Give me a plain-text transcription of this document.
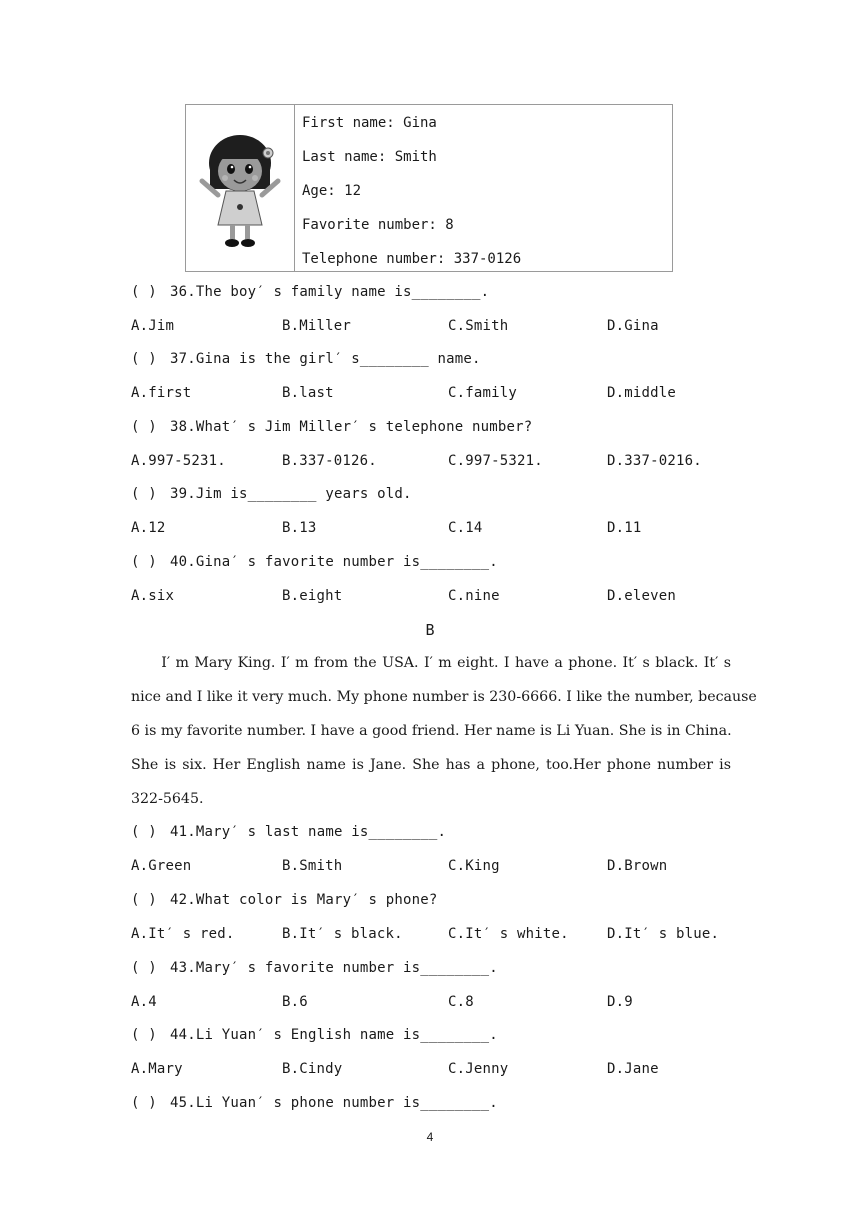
First name: Gina
Last name: Smith
Age: 12
Favorite number: 8
Telephone number: 337-0126
( ) 36.The boy′ s family name is________.
A.Jim	B.Miller	C.Smith	D.Gina
( ) 37.Gina is the girl′ s________ name.
A.first	B.last	C.family	D.middle
( ) 38.What′ s Jim Miller′ s telephone number?
A.997-5231.	B.337-0126.	C.997-5321.	D.337-0216.
( ) 39.Jim is________ years old.
A.12	B.13	C.14	D.11
( ) 40.Gina′ s favorite number is________.
A.six	B.eight	C.nine	D.eleven
B
　　I′ m Mary King. I′ m from the USA. I′ m eight. I have a phone. It′ s black. It′ s
nice and I like it very much. My phone number is 230-6666. I like the number, because
6 is my favorite number. I have a good friend. Her name is Li Yuan. She is in China.
She is six. Her English name is Jane. She has a phone, too.Her phone number is
322-5645.
( ) 41.Mary′ s last name is________.
A.Green	B.Smith	C.King	D.Brown
( ) 42.What color is Mary′ s phone?
A.It′ s red.	B.It′ s black.	C.It′ s white.	D.It′ s blue.
( ) 43.Mary′ s favorite number is________.
A.4	B.6	C.8	D.9
( ) 44.Li Yuan′ s English name is________.
A.Mary	B.Cindy	C.Jenny	D.Jane
( ) 45.Li Yuan′ s phone number is________.
4
